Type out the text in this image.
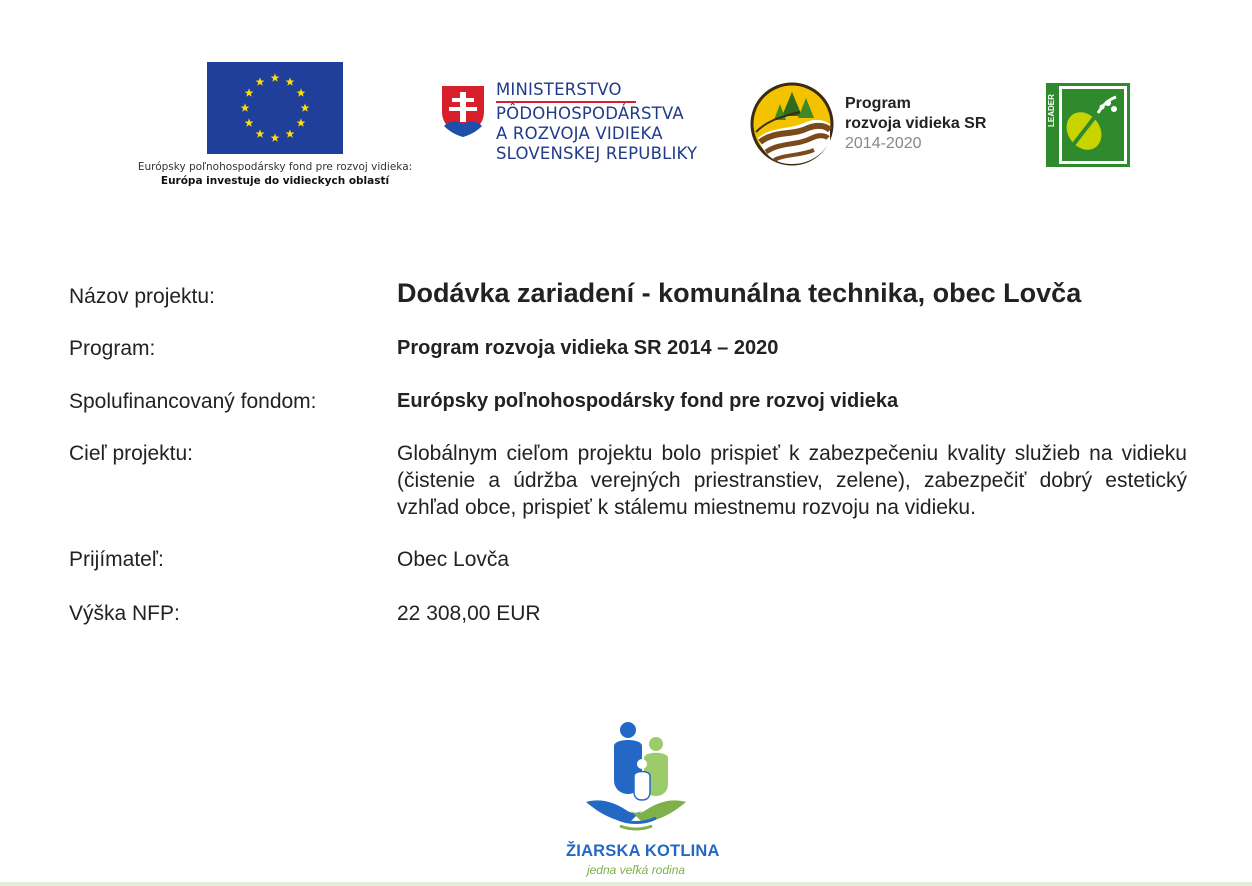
Európsky poľnohospodársky fond pre rozvoj vidieka:
Európa investuje do vidieckych oblastí
MINISTERSTVO
PÔDOHOSPODÁRSTVA
A ROZVOJA VIDIEKA
SLOVENSKEJ REPUBLIKY
Program
rozvoja vidieka SR
2014-2020
LEADER
Názov projektu:	Dodávka zariadení - komunálna technika, obec Lovča
Program:	Program rozvoja vidieka SR 2014 – 2020
Spolufinancovaný fondom:	Európsky poľnohospodársky fond pre rozvoj vidieka
Cieľ projektu:	Globálnym cieľom projektu bolo prispieť k zabezpečeniu kvality služieb na vidieku (čistenie a údržba verejných priestranstiev, zelene), zabezpečiť dobrý estetický vzhľad obce, prispieť k stálemu miestnemu rozvoju na vidieku.
Prijímateľ:	Obec Lovča
Výška NFP:	22 308,00 EUR
ŽIARSKA KOTLINA
jedna veľká rodina
